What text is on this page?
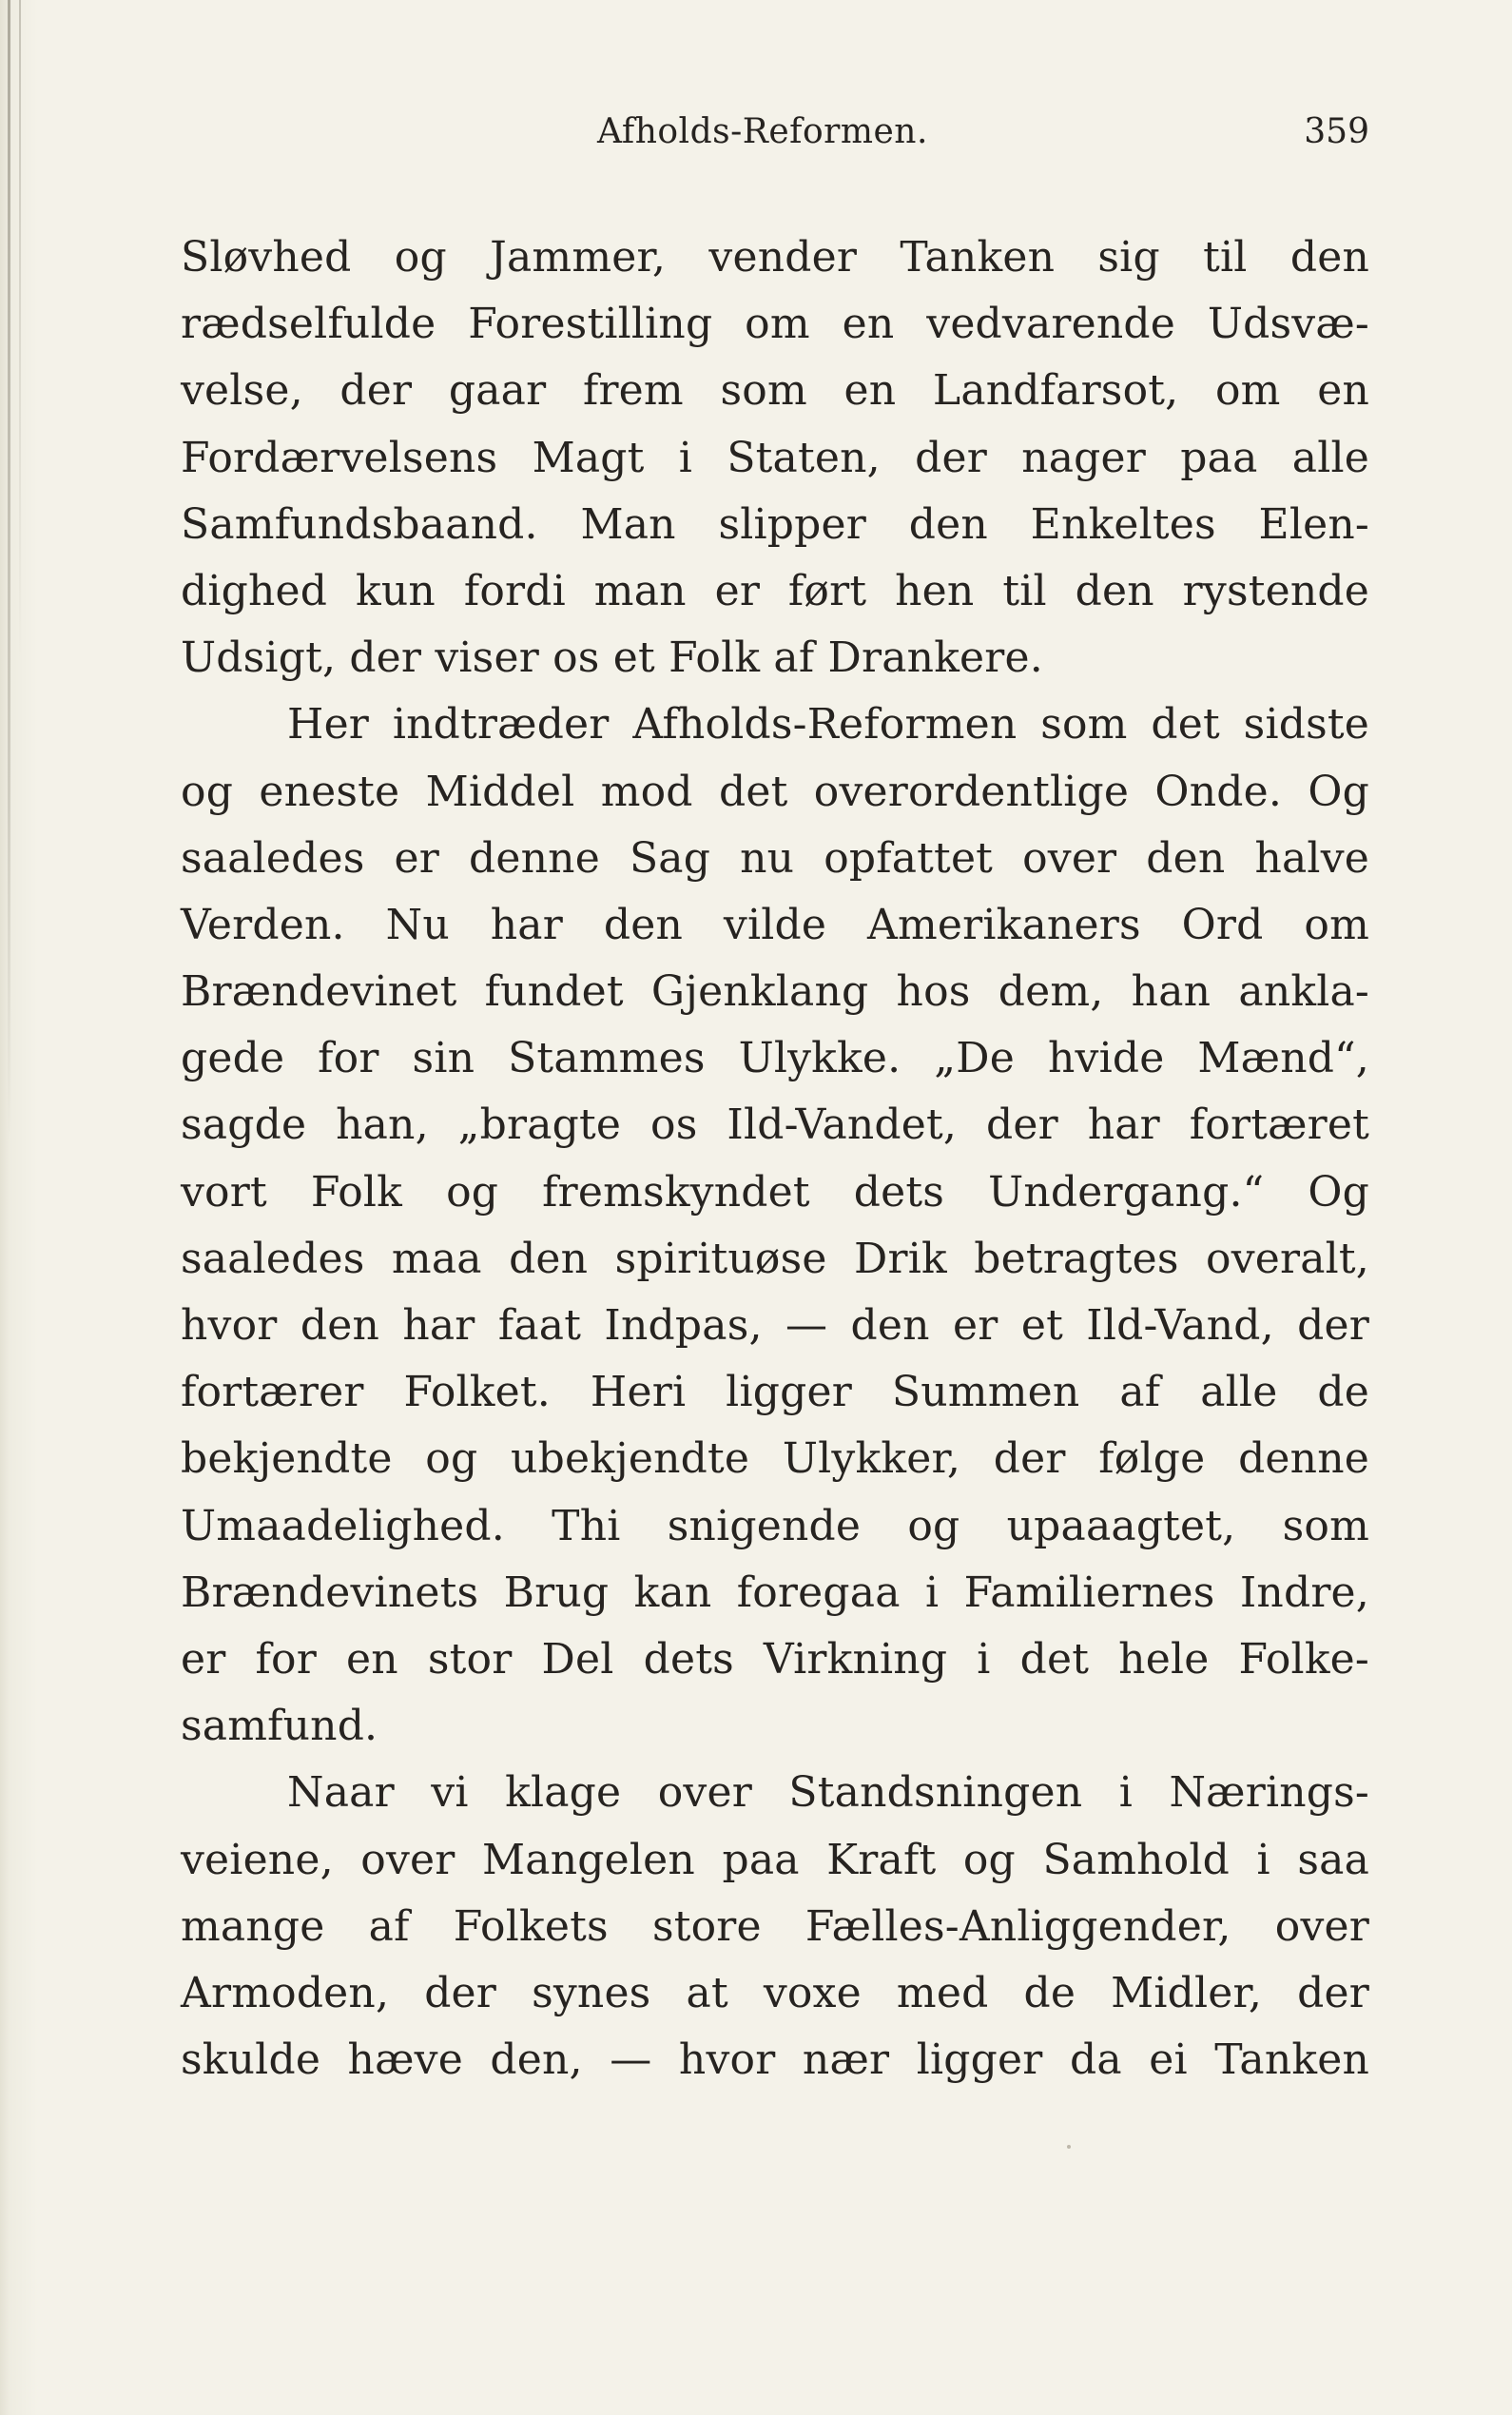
Afholds-Reformen.	359
Sløvhed og Jammer, vender Tanken sig til den
rædselfulde Forestilling om en vedvarende Udsvæ-
velse, der gaar frem som en Landfarsot, om en
Fordærvelsens Magt i Staten, der nager paa alle
Samfundsbaand. Man slipper den Enkeltes Elen-
dighed kun fordi man er ført hen til den rystende
Udsigt, der viser os et Folk af Drankere.
Her indtræder Afholds-Reformen som det sidste
og eneste Middel mod det overordentlige Onde. Og
saaledes er denne Sag nu opfattet over den halve
Verden. Nu har den vilde Amerikaners Ord om
Brændevinet fundet Gjenklang hos dem, han ankla-
gede for sin Stammes Ulykke. „De hvide Mænd“,
sagde han, „bragte os Ild-Vandet, der har fortæret
vort Folk og fremskyndet dets Undergang.“ Og
saaledes maa den spirituøse Drik betragtes overalt,
hvor den har faat Indpas, — den er et Ild-Vand, der
fortærer Folket. Heri ligger Summen af alle de
bekjendte og ubekjendte Ulykker, der følge denne
Umaadelighed. Thi snigende og upaaagtet, som
Brændevinets Brug kan foregaa i Familiernes Indre,
er for en stor Del dets Virkning i det hele Folke-
samfund.
Naar vi klage over Standsningen i Nærings-
veiene, over Mangelen paa Kraft og Samhold i saa
mange af Folkets store Fælles-Anliggender, over
Armoden, der synes at voxe med de Midler, der
skulde hæve den, — hvor nær ligger da ei Tanken
